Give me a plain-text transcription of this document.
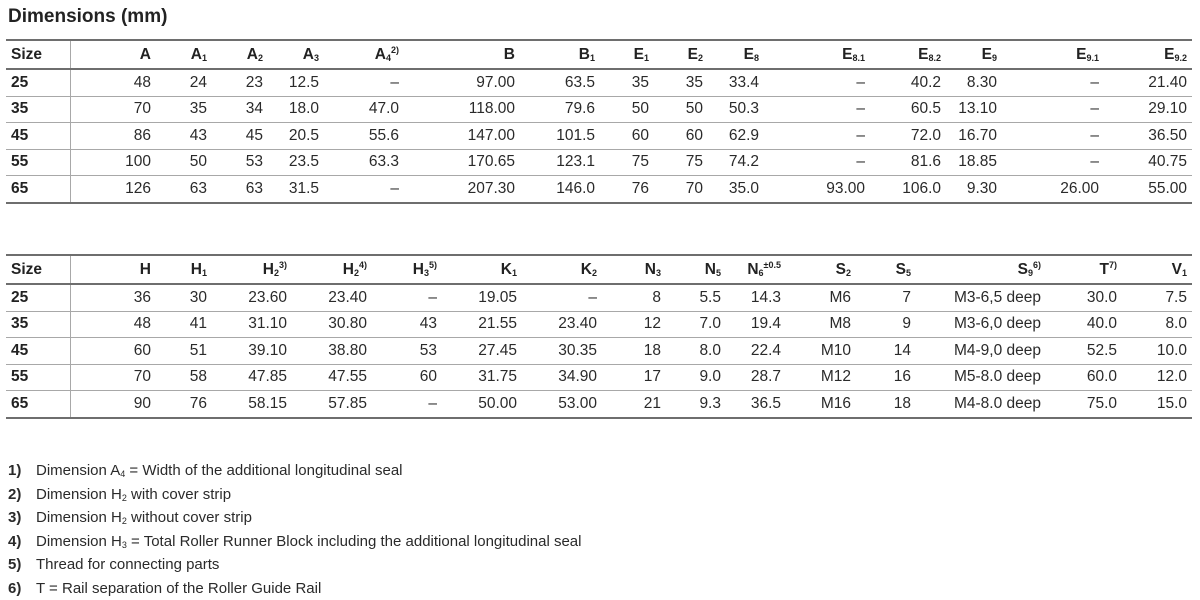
Dimensions (mm)
Size	A	$A_1$	$A_2$	$A_3$	$A_4^{2)}$	B	$B_1$	$E_1$	$E_2$	$E_8$	$E_{8.1}$	$E_{8.2}$	$E_9$	$E_{9.1}$	$E_{9.2}$
25	48	24	23	12.5	–	97.00	63.5	35	35	33.4	–	40.2	8.30	–	21.40
35	70	35	34	18.0	47.0	118.00	79.6	50	50	50.3	–	60.5	13.10	–	29.10
45	86	43	45	20.5	55.6	147.00	101.5	60	60	62.9	–	72.0	16.70	–	36.50
55	100	50	53	23.5	63.3	170.65	123.1	75	75	74.2	–	81.6	18.85	–	40.75
65	126	63	63	31.5	–	207.30	146.0	76	70	35.0	93.00	106.0	9.30	26.00	55.00
Size	H	$H_1$	$H_2^{3)}$	$H_2^{4)}$	$H_3^{5)}$	$K_1$	$K_2$	$N_3$	$N_5$	$N_6^{\pm 0.5}$	$S_2$	$S_5$	$S_9^{6)}$	$T^{7)}$	$V_1$
25	36	30	23.60	23.40	–	19.05	–	8	5.5	14.3	M6	7	M3-6,5 deep	30.0	7.5
35	48	41	31.10	30.80	43	21.55	23.40	12	7.0	19.4	M8	9	M3-6,0 deep	40.0	8.0
45	60	51	39.10	38.80	53	27.45	30.35	18	8.0	22.4	M10	14	M4-9,0 deep	52.5	10.0
55	70	58	47.85	47.55	60	31.75	34.90	17	9.0	28.7	M12	16	M5-8.0 deep	60.0	12.0
65	90	76	58.15	57.85	–	50.00	53.00	21	9.3	36.5	M16	18	M4-8.0 deep	75.0	15.0
1) Dimension $A_4$ = Width of the additional longitudinal seal
2) Dimension $H_2$ with cover strip
3) Dimension $H_2$ without cover strip
4) Dimension $H_3$ = Total Roller Runner Block including the additional longitudinal seal
5) Thread for connecting parts
6) T = Rail separation of the Roller Guide Rail
